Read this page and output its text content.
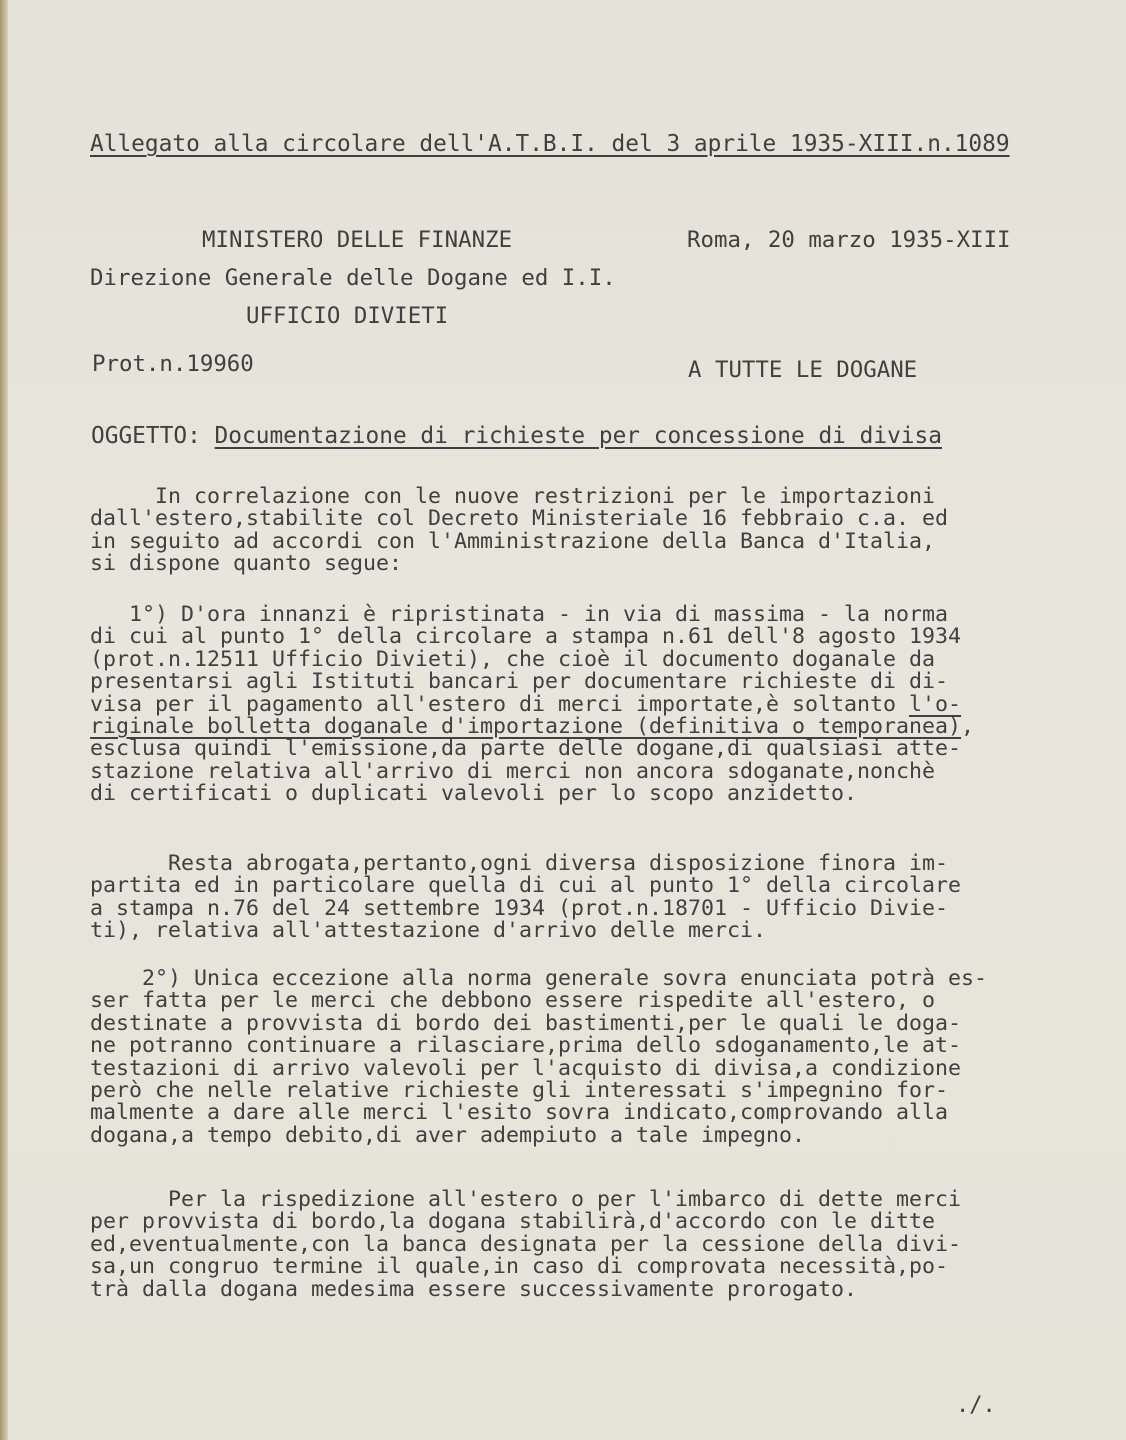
Allegato alla circolare dell'A.T.B.I. del 3 aprile 1935-XIII.n.1089
MINISTERO DELLE FINANZE	Roma, 20 marzo 1935-XIII
Direzione Generale delle Dogane ed I.I.
UFFICIO DIVIETI
Prot.n.19960	A TUTTE LE DOGANE
OGGETTO: Documentazione di richieste per concessione di divisa
In correlazione con le nuove restrizioni per le importazioni
dall'estero,stabilite col Decreto Ministeriale 16 febbraio c.a. ed
in seguito ad accordi con l'Amministrazione della Banca d'Italia,
si dispone quanto segue:
1°) D'ora innanzi è ripristinata - in via di massima - la norma
di cui al punto 1° della circolare a stampa n.61 dell'8 agosto 1934
(prot.n.12511 Ufficio Divieti), che cioè il documento doganale da
presentarsi agli Istituti bancari per documentare richieste di di-
visa per il pagamento all'estero di merci importate,è soltanto l'o-
riginale bolletta doganale d'importazione (definitiva o temporanea),
esclusa quindi l'emissione,da parte delle dogane,di qualsiasi atte-
stazione relativa all'arrivo di merci non ancora sdoganate,nonchè
di certificati o duplicati valevoli per lo scopo anzidetto.
Resta abrogata,pertanto,ogni diversa disposizione finora im-
partita ed in particolare quella di cui al punto 1° della circolare
a stampa n.76 del 24 settembre 1934 (prot.n.18701 - Ufficio Divie-
ti), relativa all'attestazione d'arrivo delle merci.
2°) Unica eccezione alla norma generale sovra enunciata potrà es-
ser fatta per le merci che debbono essere rispedite all'estero, o
destinate a provvista di bordo dei bastimenti,per le quali le doga-
ne potranno continuare a rilasciare,prima dello sdoganamento,le at-
testazioni di arrivo valevoli per l'acquisto di divisa,a condizione
però che nelle relative richieste gli interessati s'impegnino for-
malmente a dare alle merci l'esito sovra indicato,comprovando alla
dogana,a tempo debito,di aver adempiuto a tale impegno.
Per la rispedizione all'estero o per l'imbarco di dette merci
per provvista di bordo,la dogana stabilirà,d'accordo con le ditte
ed,eventualmente,con la banca designata per la cessione della divi-
sa,un congruo termine il quale,in caso di comprovata necessità,po-
trà dalla dogana medesima essere successivamente prorogato.
./.
